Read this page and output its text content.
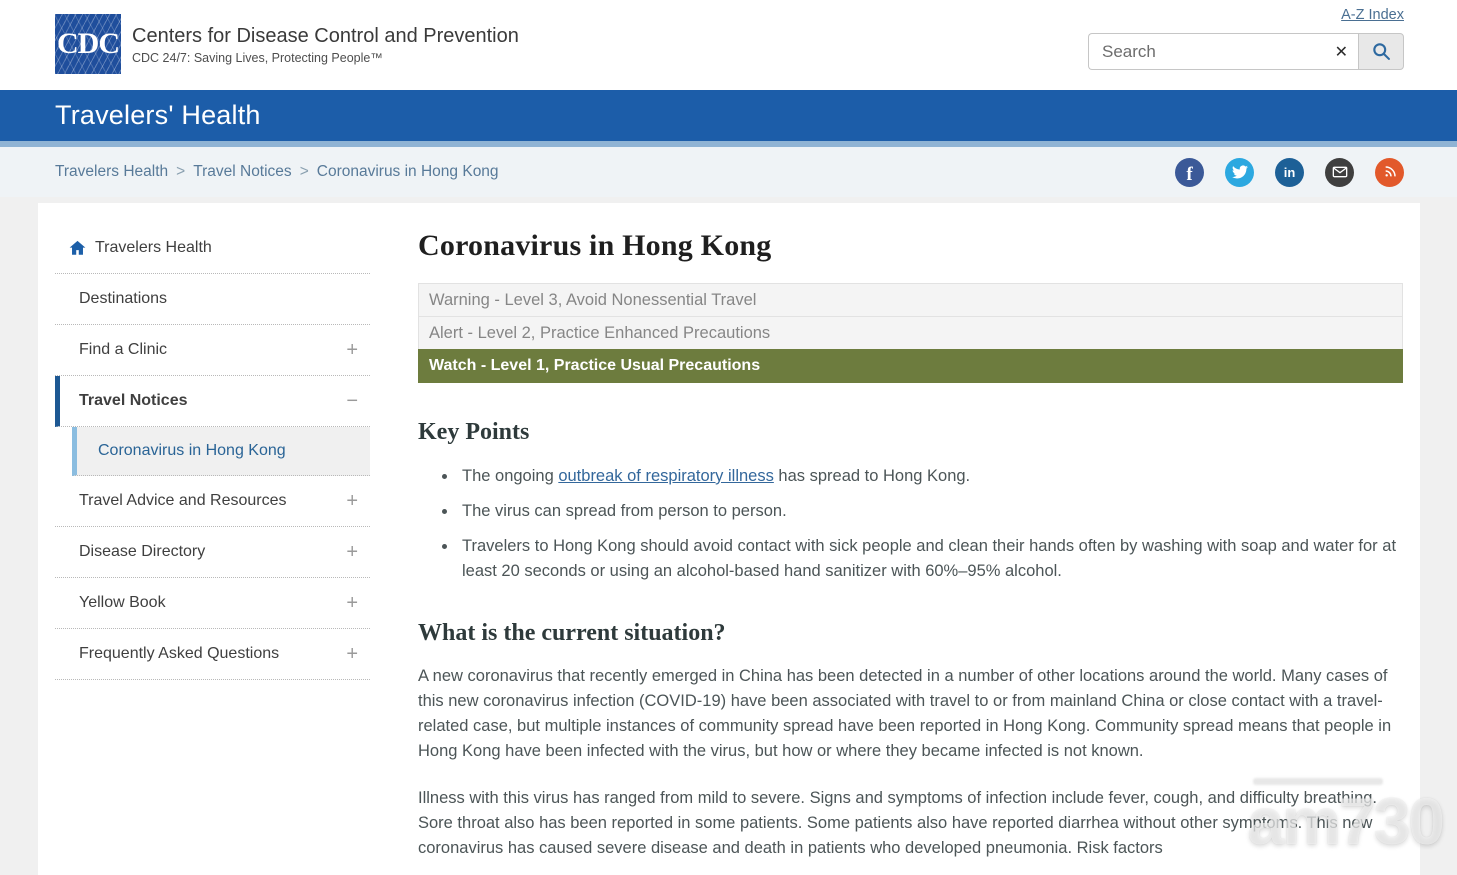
CDC Centers for Disease Control and Prevention
CDC 24/7: Saving Lives, Protecting People™
A-Z Index
Search
✕
Travelers' Health
Travelers Health > Travel Notices > Coronavirus in Hong Kong	f	in
Travelers Health
Destinations
Find a Clinic	+
Travel Notices	−
Coronavirus in Hong Kong
Travel Advice and Resources	+
Disease Directory	+
Yellow Book	+
Frequently Asked Questions	+
Coronavirus in Hong Kong
Warning - Level 3, Avoid Nonessential Travel
Alert - Level 2, Practice Enhanced Precautions
Watch - Level 1, Practice Usual Precautions
Key Points
• The ongoing outbreak of respiratory illness has spread to Hong Kong.
• The virus can spread from person to person.
• Travelers to Hong Kong should avoid contact with sick people and clean their hands often by washing with soap and water for at least 20 seconds or using an alcohol-based hand sanitizer with 60%–95% alcohol.
What is the current situation?

A new coronavirus that recently emerged in China has been detected in a number of other locations around the world. Many cases of this new coronavirus infection (COVID-19) have been associated with travel to or from mainland China or close contact with a travel-related case, but multiple instances of community spread have been reported in Hong Kong. Community spread means that people in Hong Kong have been infected with the virus, but how or where they became infected is not known.

Illness with this virus has ranged from mild to severe. Signs and symptoms of infection include fever, cough, and difficulty breathing. Sore throat also has been reported in some patients. Some patients also have reported diarrhea without other symptoms. This new coronavirus has caused severe disease and death in patients who developed pneumonia. Risk factors	am730
